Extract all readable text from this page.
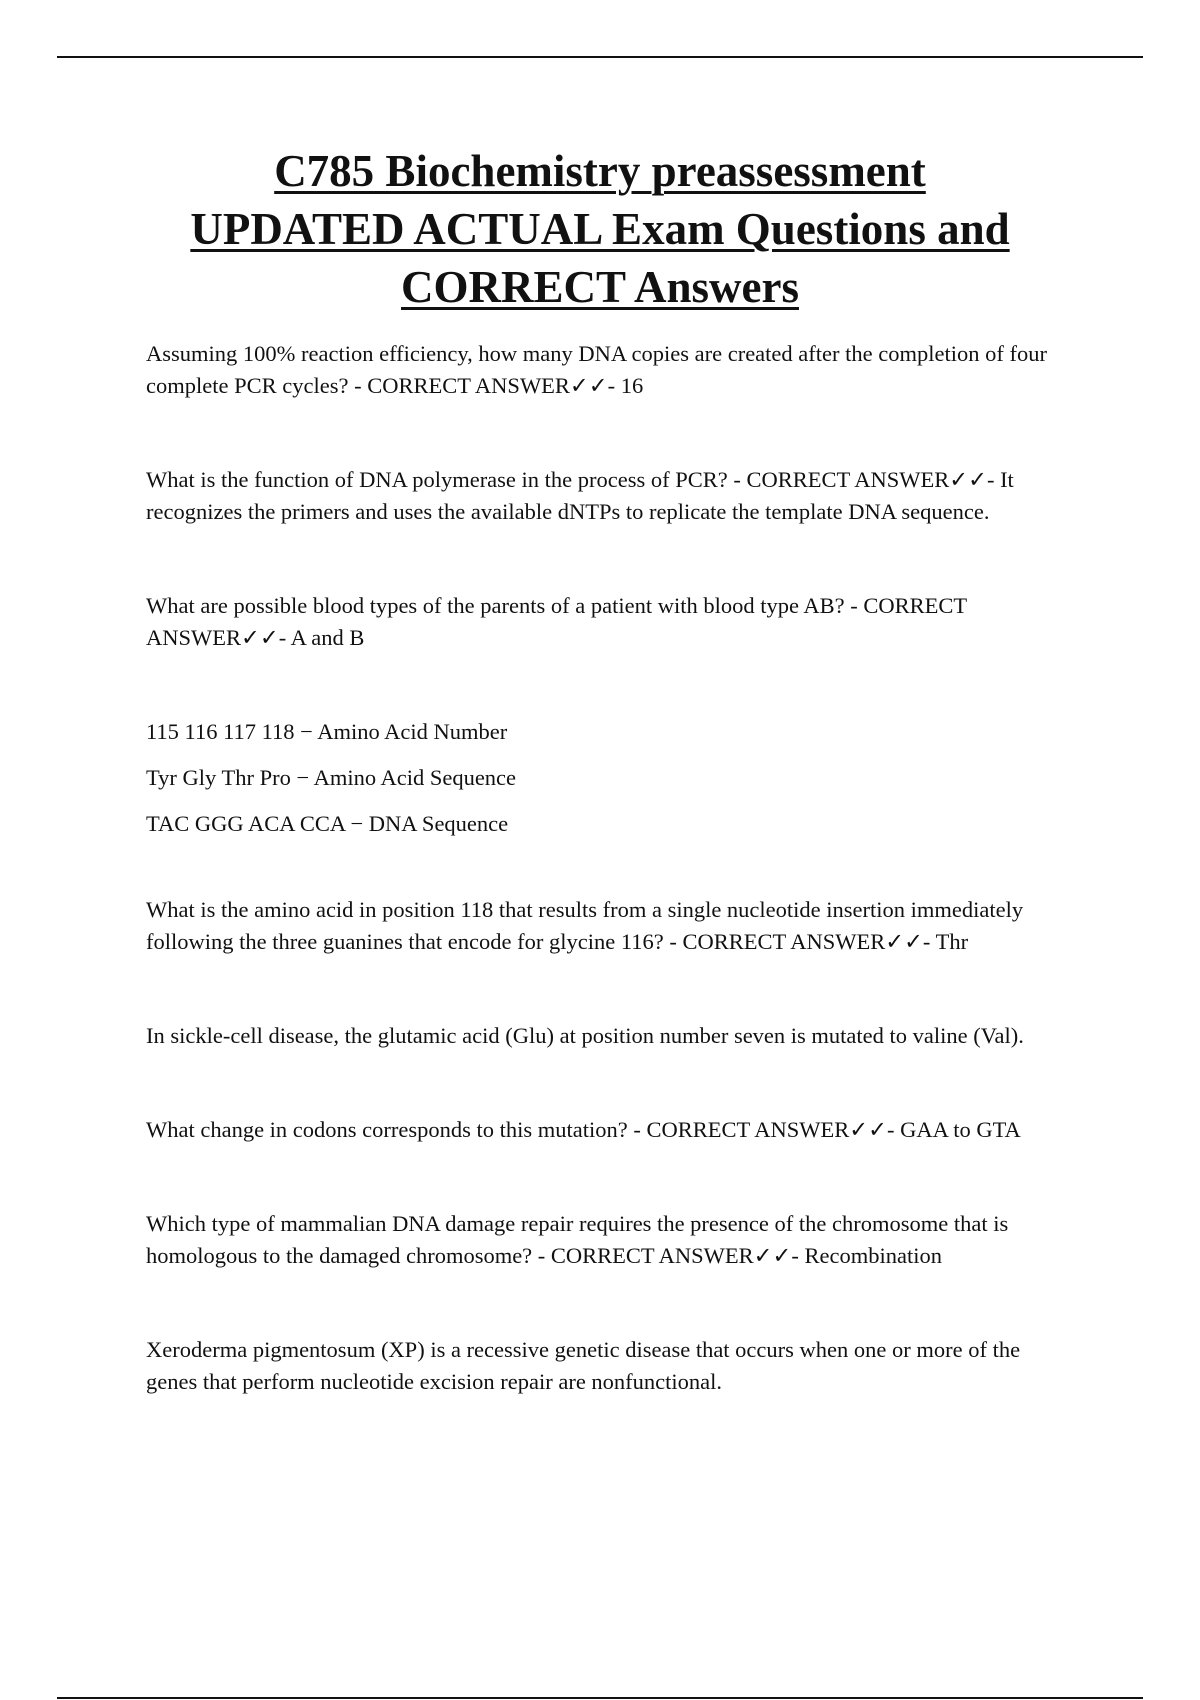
C785 Biochemistry preassessment
UPDATED ACTUAL Exam Questions and
CORRECT Answers

Assuming 100% reaction efficiency, how many DNA copies are created after the completion of four complete PCR cycles? - CORRECT ANSWER✓✓- 16

What is the function of DNA polymerase in the process of PCR? - CORRECT ANSWER✓✓- It recognizes the primers and uses the available dNTPs to replicate the template DNA sequence.

What are possible blood types of the parents of a patient with blood type AB? - CORRECT ANSWER✓✓- A and B

115 116 117 118 − Amino Acid Number

Tyr Gly Thr Pro − Amino Acid Sequence

TAC GGG ACA CCA − DNA Sequence

What is the amino acid in position 118 that results from a single nucleotide insertion immediately following the three guanines that encode for glycine 116? - CORRECT ANSWER✓✓- Thr

In sickle-cell disease, the glutamic acid (Glu) at position number seven is mutated to valine (Val).

What change in codons corresponds to this mutation? - CORRECT ANSWER✓✓- GAA to GTA

Which type of mammalian DNA damage repair requires the presence of the chromosome that is homologous to the damaged chromosome? - CORRECT ANSWER✓✓- Recombination

Xeroderma pigmentosum (XP) is a recessive genetic disease that occurs when one or more of the genes that perform nucleotide excision repair are nonfunctional.
